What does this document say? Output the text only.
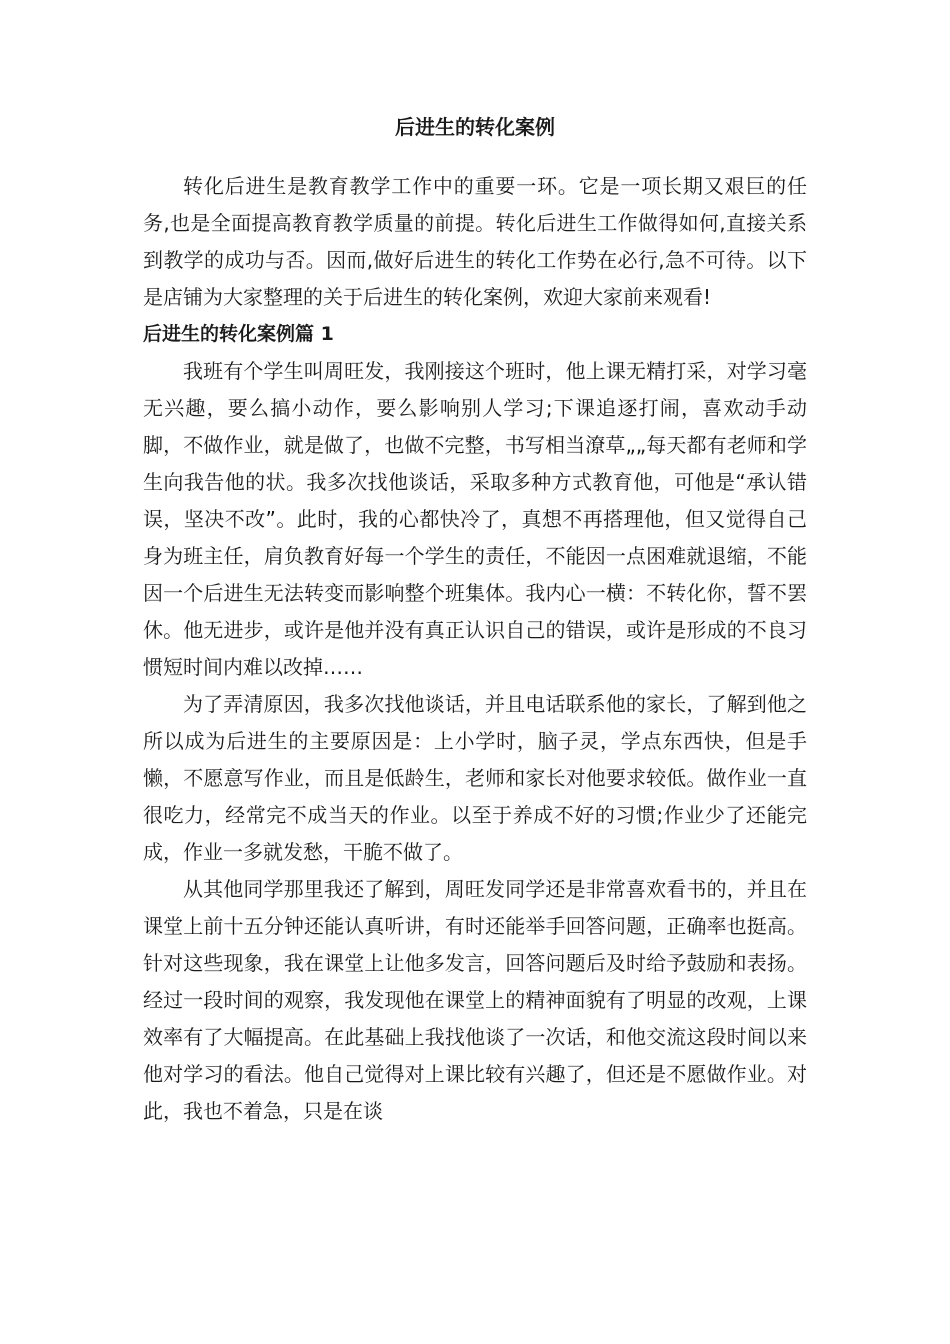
后进生的转化案例

转化后进生是教育教学工作中的重要一环。它是一项长期又艰巨的任务,也是全面提高教育教学质量的前提。转化后进生工作做得如何,直接关系到教学的成功与否。因而,做好后进生的转化工作势在必行,急不可待。以下是店铺为大家整理的关于后进生的转化案例，欢迎大家前来观看!

后进生的转化案例篇 1

我班有个学生叫周旺发，我刚接这个班时，他上课无精打采，对学习毫无兴趣，要么搞小动作，要么影响别人学习;下课追逐打闹，喜欢动手动脚，不做作业，就是做了，也做不完整，书写相当潦草„„每天都有老师和学生向我告他的状。我多次找他谈话，采取多种方式教育他，可他是“承认错误，坚决不改”。此时，我的心都快冷了，真想不再搭理他，但又觉得自己身为班主任，肩负教育好每一个学生的责任，不能因一点困难就退缩，不能因一个后进生无法转变而影响整个班集体。我内心一横：不转化你，誓不罢休。他无进步，或许是他并没有真正认识自己的错误，或许是形成的不良习惯短时间内难以改掉……

为了弄清原因，我多次找他谈话，并且电话联系他的家长，了解到他之所以成为后进生的主要原因是：上小学时，脑子灵，学点东西快，但是手懒，不愿意写作业，而且是低龄生，老师和家长对他要求较低。做作业一直很吃力，经常完不成当天的作业。以至于养成不好的习惯;作业少了还能完成，作业一多就发愁，干脆不做了。

从其他同学那里我还了解到，周旺发同学还是非常喜欢看书的，并且在课堂上前十五分钟还能认真听讲，有时还能举手回答问题，正确率也挺高。针对这些现象，我在课堂上让他多发言，回答问题后及时给予鼓励和表扬。经过一段时间的观察，我发现他在课堂上的精神面貌有了明显的改观，上课效率有了大幅提高。在此基础上我找他谈了一次话，和他交流这段时间以来他对学习的看法。他自己觉得对上课比较有兴趣了，但还是不愿做作业。对此，我也不着急，只是在谈
